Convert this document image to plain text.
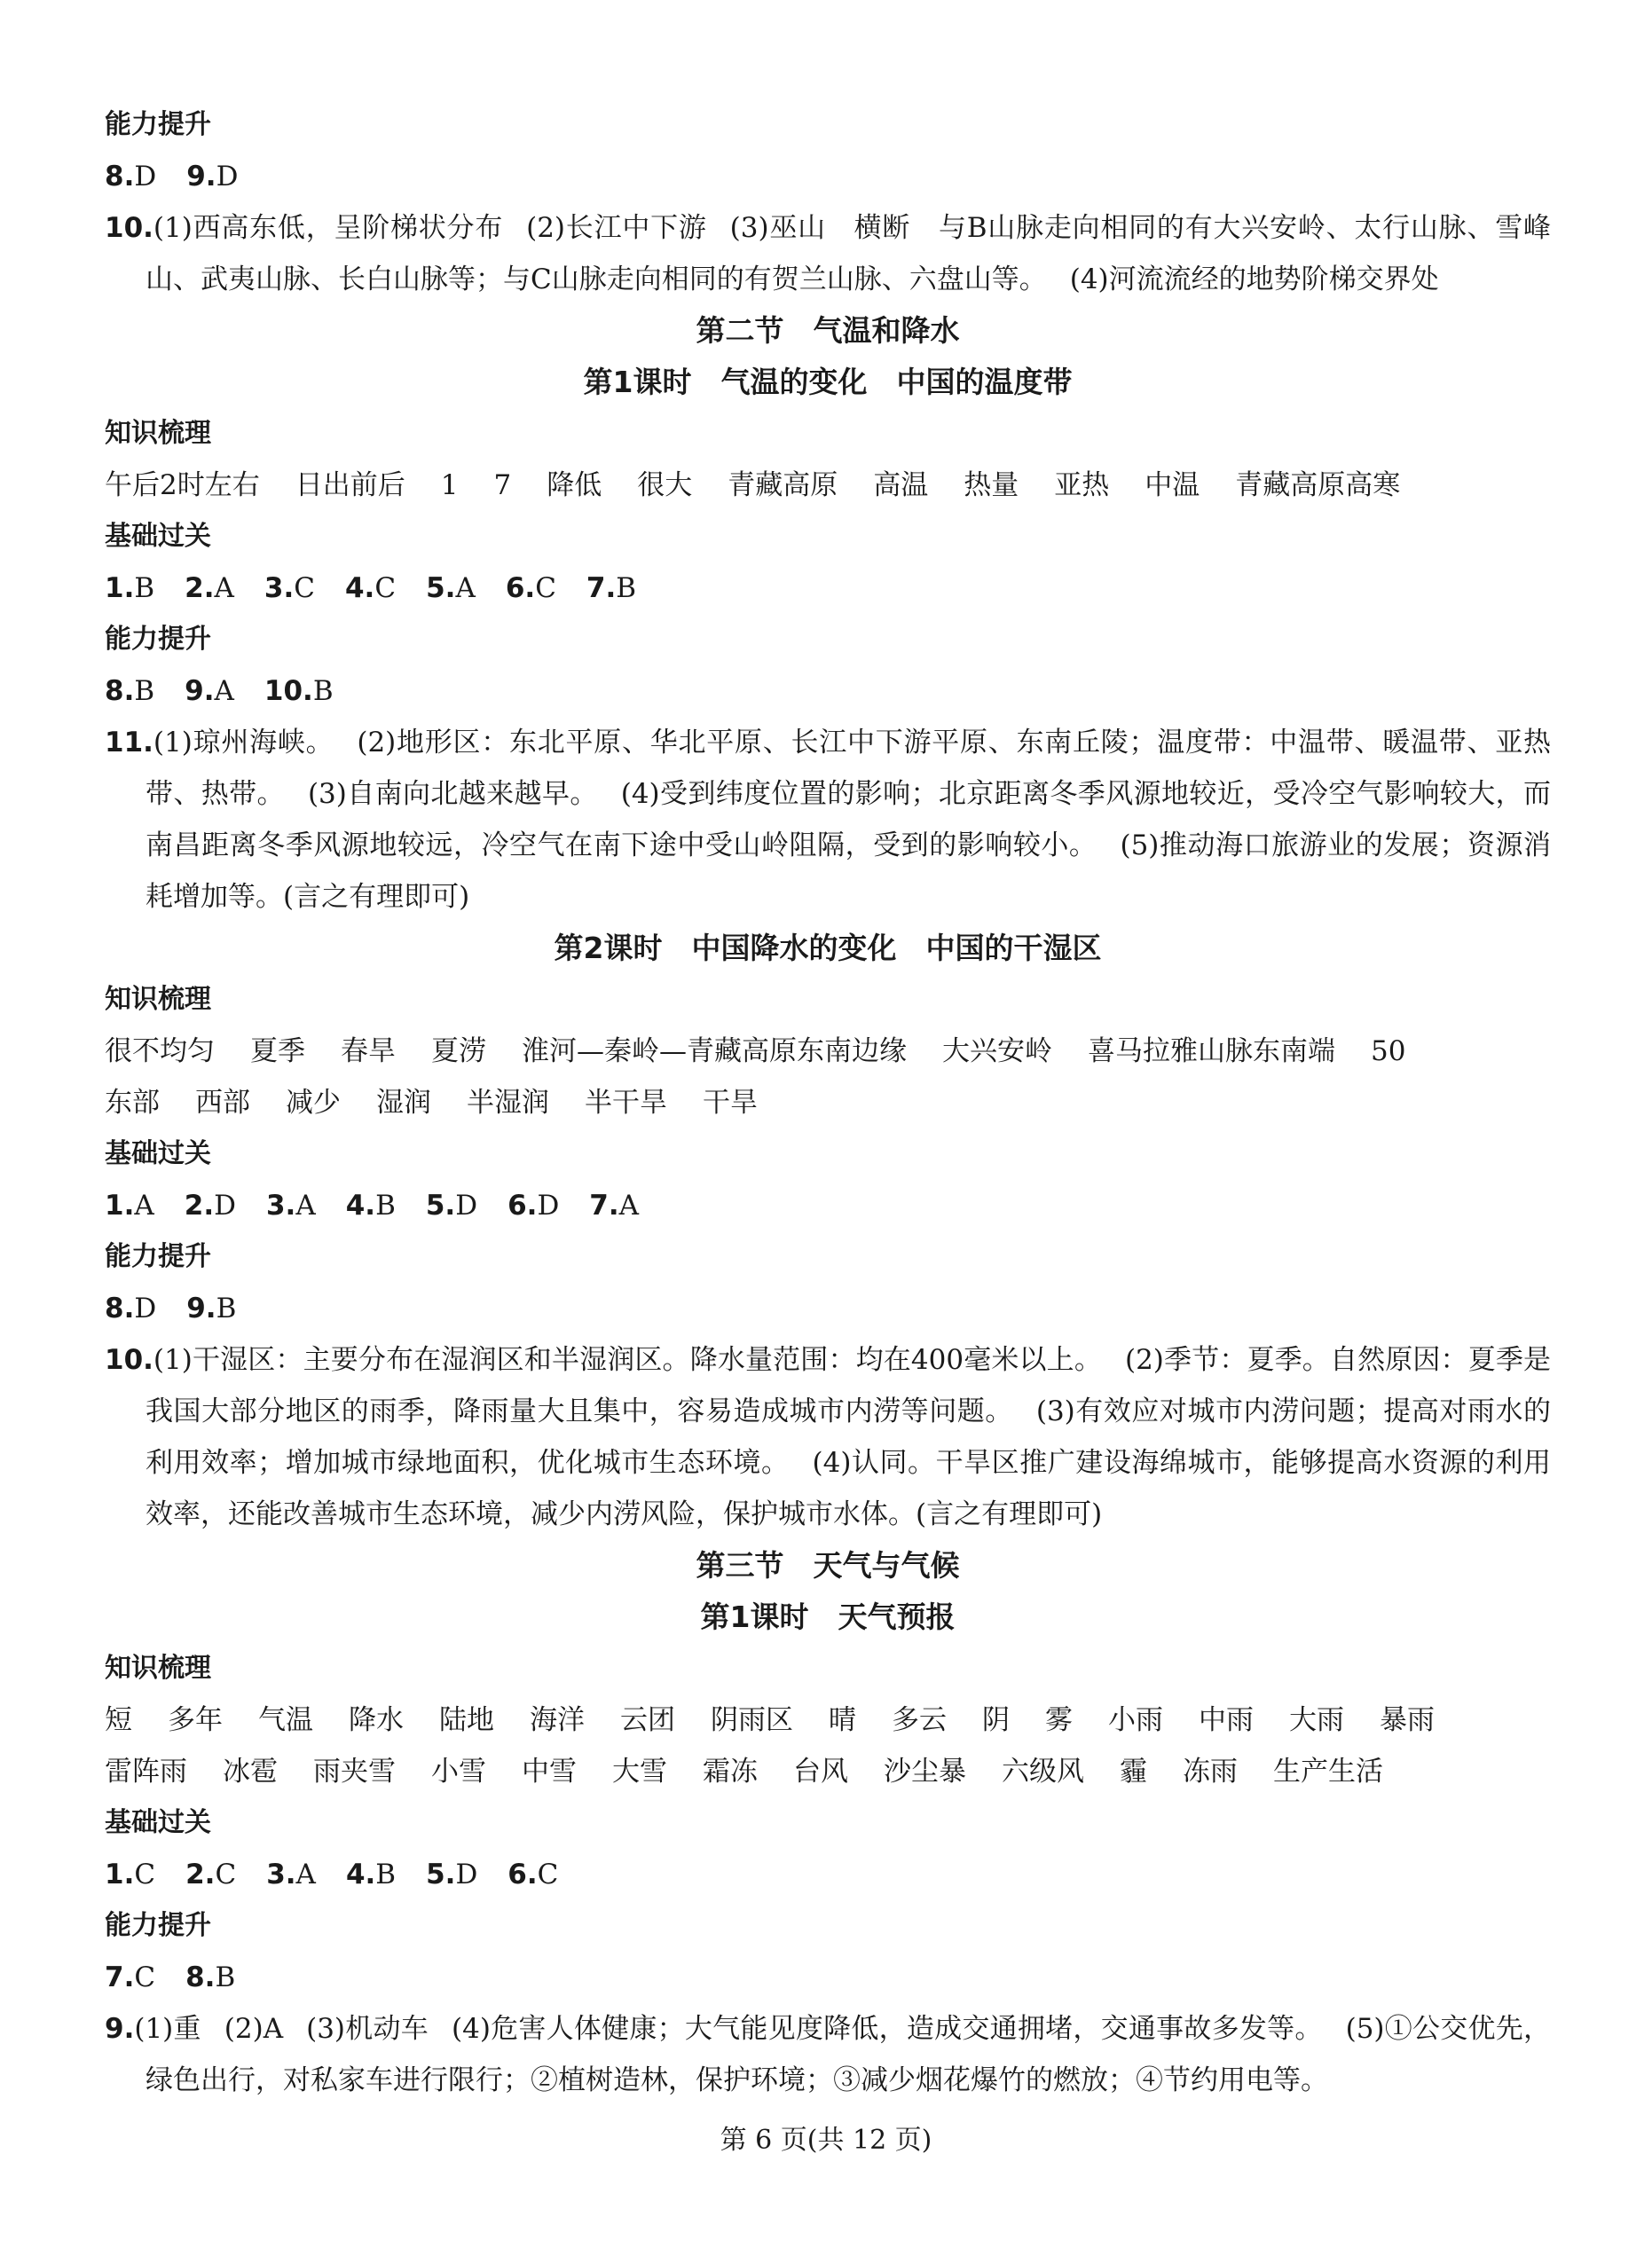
能力提升
8.D 9.D
10.(1)西高东低，呈阶梯状分布 (2)长江中下游 (3)巫山　横断　与B山脉走向相同的有大兴安岭、太行山脉、雪峰山、武夷山脉、长白山脉等；与C山脉走向相同的有贺兰山脉、六盘山等。 (4)河流流经的地势阶梯交界处
第二节　气温和降水
第1课时　气温的变化　中国的温度带
知识梳理
午后2时左右 日出前后 1 7 降低 很大 青藏高原 高温 热量 亚热 中温 青藏高原高寒
基础过关
1.B 2.A 3.C 4.C 5.A 6.C 7.B
能力提升
8.B 9.A 10.B
11.(1)琼州海峡。 (2)地形区：东北平原、华北平原、长江中下游平原、东南丘陵；温度带：中温带、暖温带、亚热带、热带。 (3)自南向北越来越早。 (4)受到纬度位置的影响；北京距离冬季风源地较近，受冷空气影响较大，而南昌距离冬季风源地较远，冷空气在南下途中受山岭阻隔，受到的影响较小。 (5)推动海口旅游业的发展；资源消耗增加等。(言之有理即可)
第2课时　中国降水的变化　中国的干湿区
知识梳理
很不均匀 夏季 春旱 夏涝 淮河—秦岭—青藏高原东南边缘 大兴安岭 喜马拉雅山脉东南端 50
东部 西部 减少 湿润 半湿润 半干旱 干旱
基础过关
1.A 2.D 3.A 4.B 5.D 6.D 7.A
能力提升
8.D 9.B
10.(1)干湿区：主要分布在湿润区和半湿润区。降水量范围：均在400毫米以上。 (2)季节：夏季。自然原因：夏季是我国大部分地区的雨季，降雨量大且集中，容易造成城市内涝等问题。 (3)有效应对城市内涝问题；提高对雨水的利用效率；增加城市绿地面积，优化城市生态环境。 (4)认同。干旱区推广建设海绵城市，能够提高水资源的利用效率，还能改善城市生态环境，减少内涝风险，保护城市水体。(言之有理即可)
第三节　天气与气候
第1课时　天气预报
知识梳理
短 多年 气温 降水 陆地 海洋 云团 阴雨区 晴 多云 阴 雾 小雨 中雨 大雨 暴雨
雷阵雨 冰雹 雨夹雪 小雪 中雪 大雪 霜冻 台风 沙尘暴 六级风 霾 冻雨 生产生活
基础过关
1.C 2.C 3.A 4.B 5.D 6.C
能力提升
7.C 8.B
9.(1)重 (2)A (3)机动车 (4)危害人体健康；大气能见度降低，造成交通拥堵，交通事故多发等。 (5)①公交优先，绿色出行，对私家车进行限行；②植树造林，保护环境；③减少烟花爆竹的燃放；④节约用电等。
第 6 页(共 12 页)
